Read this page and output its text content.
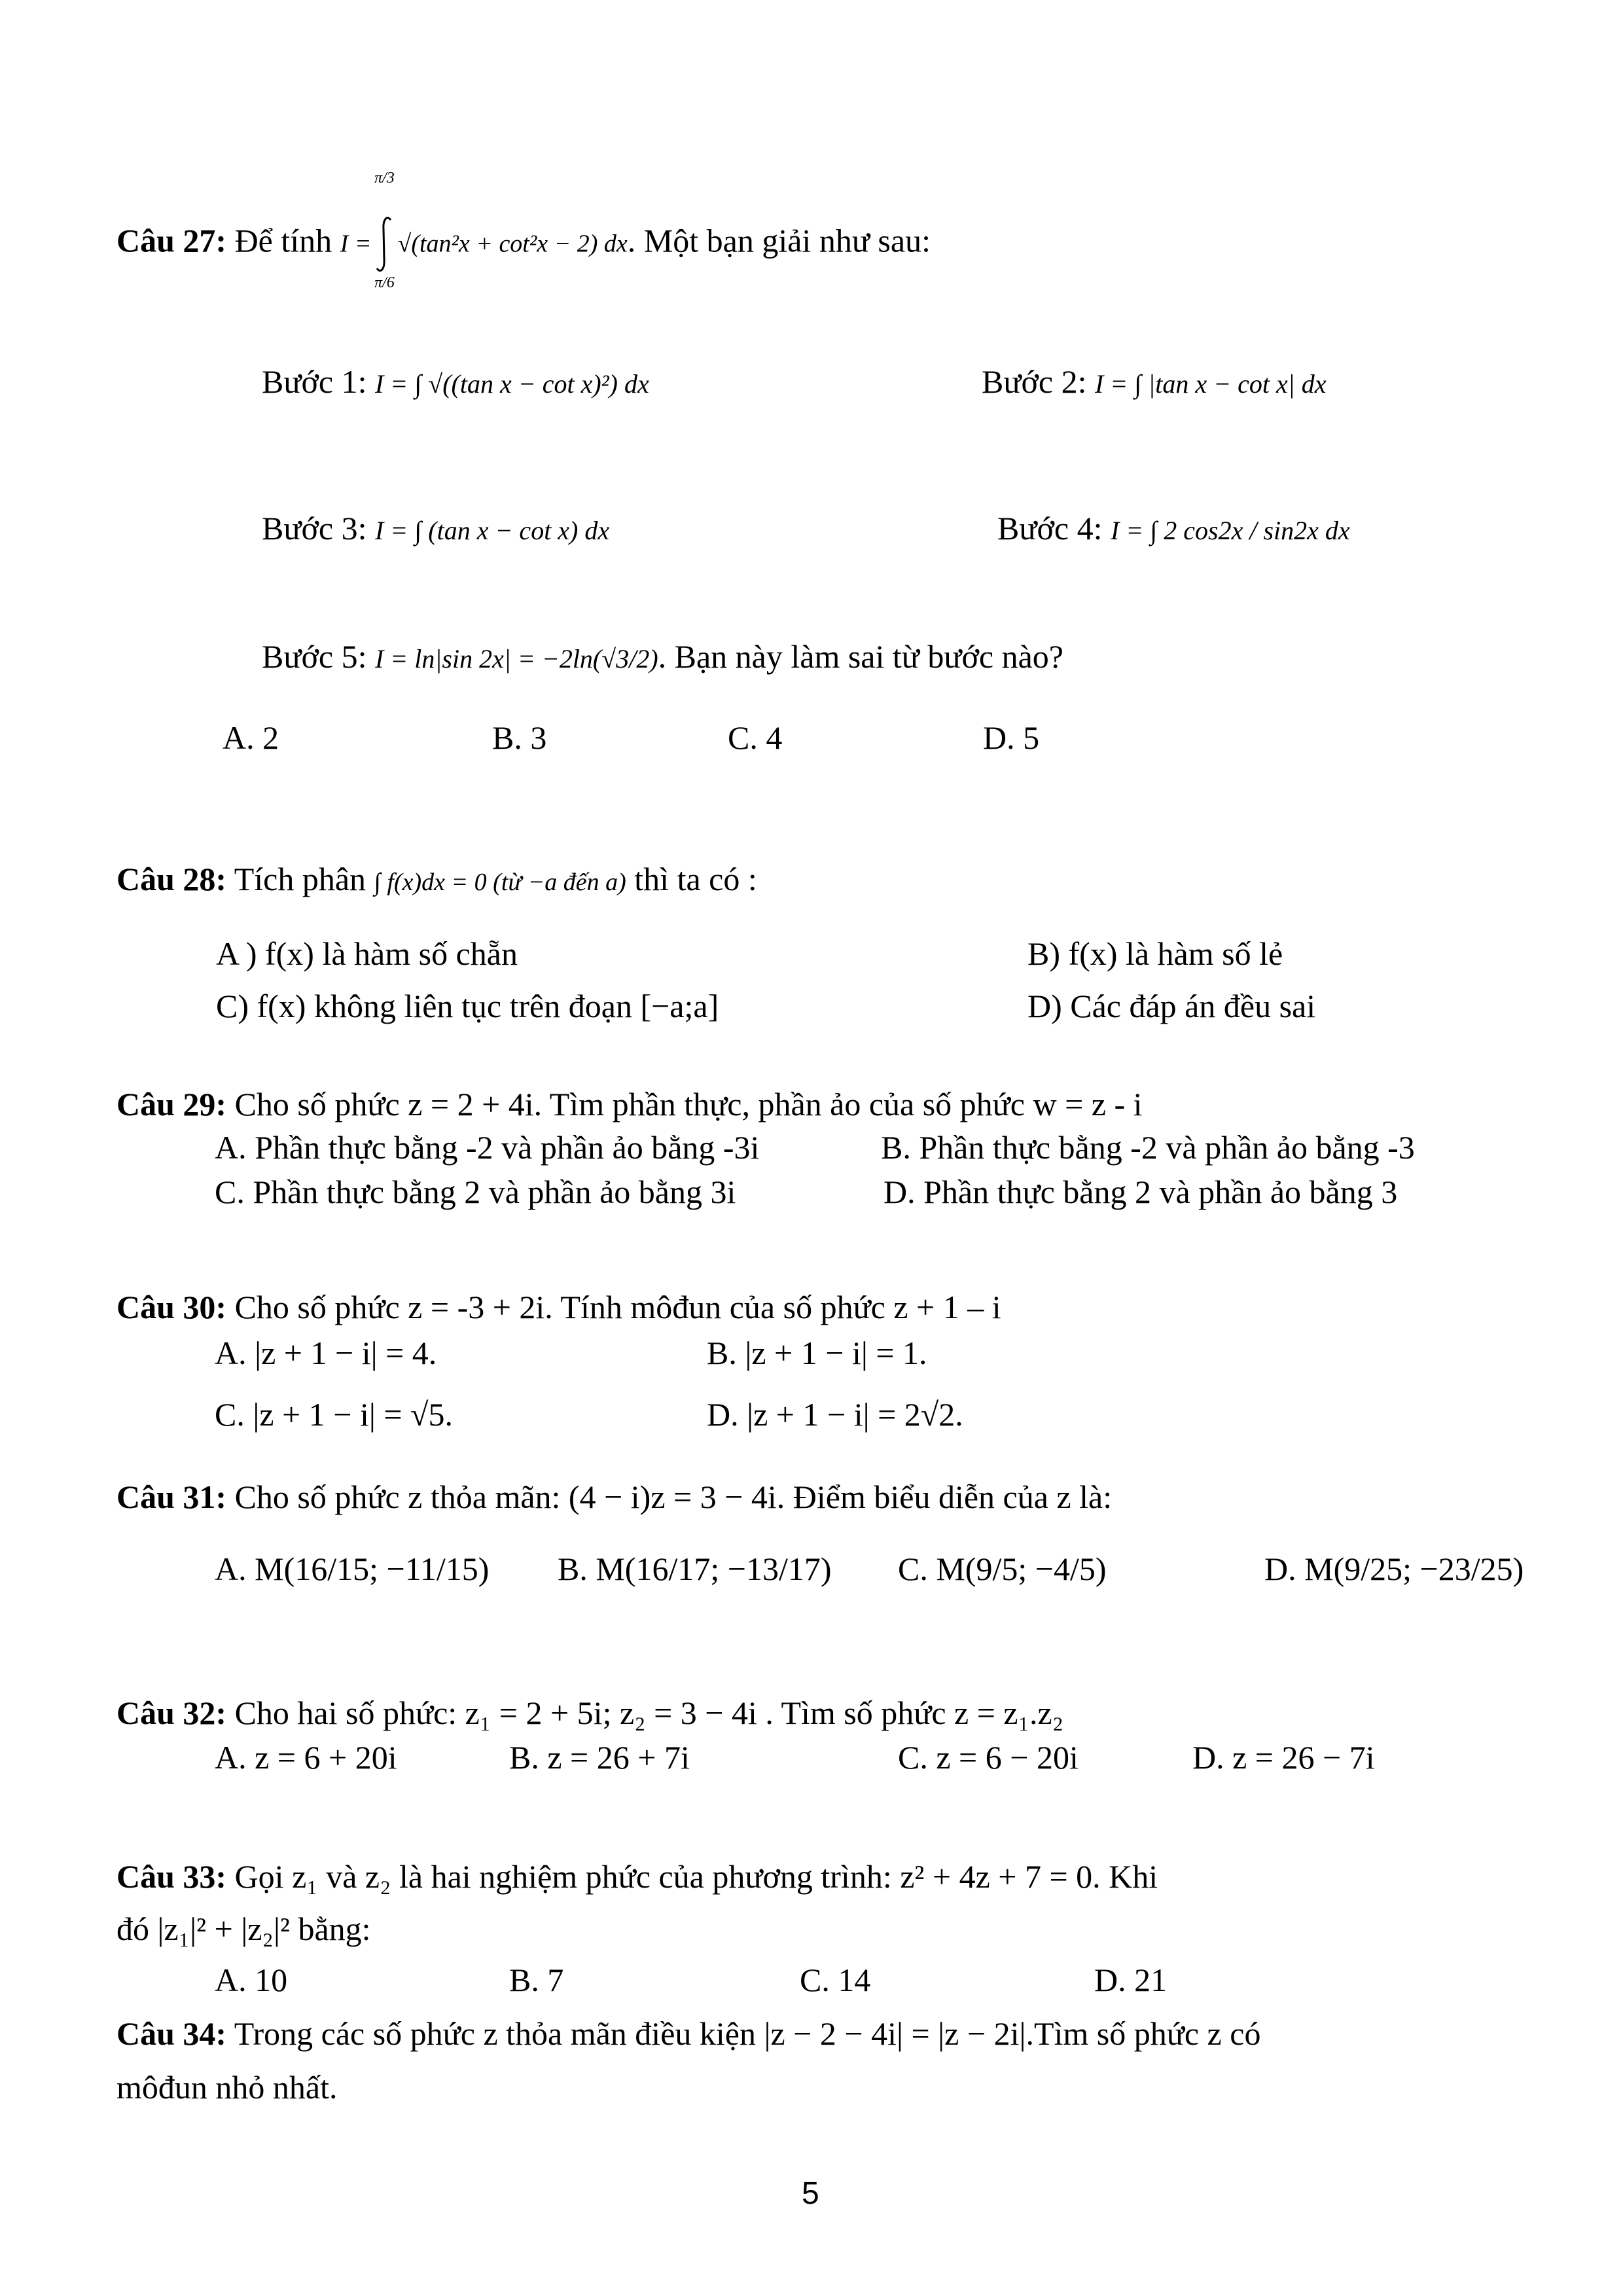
Câu 27: Để tính I =
π/3
π/6
√(tan²x + cot²x − 2) dx. Một bạn giải như sau:
Bước 1: I = ∫ √((tan x − cot x)²) dx	Bước 2: I = ∫ |tan x − cot x| dx
Bước 3: I = ∫ (tan x − cot x) dx	Bước 4: I = ∫ 2 cos2x / sin2x dx
Bước 5: I = ln|sin 2x| = −2ln(√3/2). Bạn này làm sai từ bước nào?
A. 2	B. 3	C. 4	D. 5
Câu 28: Tích phân ∫ f(x)dx = 0 (từ −a đến a) thì ta có :
A ) f(x) là hàm số chẵn	B) f(x) là hàm số lẻ
C) f(x) không liên tục trên đoạn [−a;a]	D) Các đáp án đều sai
Câu 29: Cho số phức z = 2 + 4i. Tìm phần thực, phần ảo của số phức w = z - i
A. Phần thực bằng -2 và phần ảo bằng -3i	B. Phần thực bằng -2 và phần ảo bằng -3
C. Phần thực bằng 2 và phần ảo bằng 3i	D. Phần thực bằng 2 và phần ảo bằng 3
Câu 30: Cho số phức z = -3 + 2i. Tính môđun của số phức z + 1 – i
A. |z + 1 − i| = 4.	B. |z + 1 − i| = 1.
C. |z + 1 − i| = √5.	D. |z + 1 − i| = 2√2.
Câu 31: Cho số phức z thỏa mãn: (4 − i)z = 3 − 4i. Điểm biểu diễn của z là:
A. M(16/15; −11/15) B. M(16/17; −13/17) C. M(9/5; −4/5)	D. M(9/25; −23/25)
Câu 32: Cho hai số phức: z₁ = 2 + 5i; z₂ = 3 − 4i . Tìm số phức z = z₁.z₂
A. z = 6 + 20i	B. z = 26 + 7i	C. z = 6 − 20i	D. z = 26 − 7i
Câu 33: Gọi z₁ và z₂ là hai nghiệm phức của phương trình: z² + 4z + 7 = 0. Khi
đó |z₁|² + |z₂|² bằng:
A. 10	B. 7	C. 14	D. 21
Câu 34: Trong các số phức z thỏa mãn điều kiện |z − 2 − 4i| = |z − 2i|.Tìm số phức z có
môđun nhỏ nhất.
5
